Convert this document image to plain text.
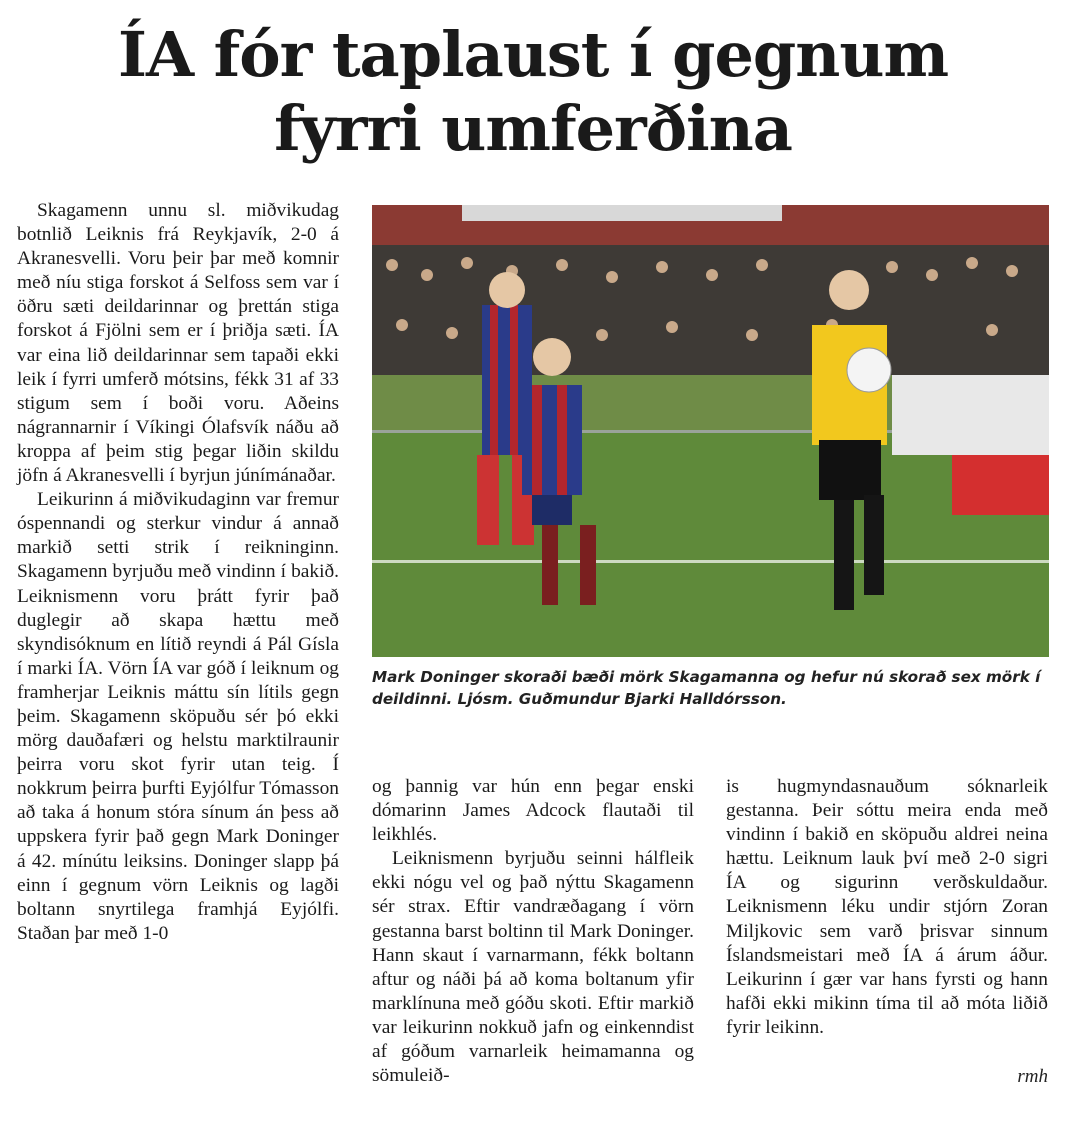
ÍA fór taplaust í gegnum
fyrri umferðina

Skagamenn unnu sl. miðvikudag botnlið Leiknis frá Reykjavík, 2-0 á Akranesvelli. Voru þeir þar með komnir með níu stiga forskot á Selfoss sem var í öðru sæti deildarinnar og þrettán stiga forskot á Fjölni sem er í þriðja sæti. ÍA var eina lið deildarinnar sem tapaði ekki leik í fyrri umferð mótsins, fékk 31 af 33 stigum sem í boði voru. Aðeins nágrannarnir í Víkingi Ólafsvík náðu að kroppa af þeim stig þegar liðin skildu jöfn á Akranesvelli í byrjun júnímánaðar.

Leikurinn á miðvikudaginn var fremur óspennandi og sterkur vindur á annað markið setti strik í reikninginn. Skagamenn byrjuðu með vindinn í bakið. Leiknismenn voru þrátt fyrir það duglegir að skapa hættu með skyndisóknum en lítið reyndi á Pál Gísla í marki ÍA. Vörn ÍA var góð í leiknum og framherjar Leiknis máttu sín lítils gegn þeim. Skagamenn sköpuðu sér þó ekki mörg dauðafæri og helstu marktilraunir þeirra voru skot fyrir utan teig. Í nokkrum þeirra þurfti Eyjólfur Tómasson að taka á honum stóra sínum án þess að uppskera fyrir það gegn Mark Doninger á 42. mínútu leiksins. Doninger slapp þá einn í gegnum vörn Leiknis og lagði boltann snyrtilega framhjá Eyjólfi. Staðan þar með 1-0

Mark Doninger skoraði bæði mörk Skagamanna og hefur nú skorað sex mörk í deildinni. Ljósm. Guðmundur Bjarki Halldórsson.

og þannig var hún enn þegar enski dómarinn James Adcock flautaði til leikhlés.

Leiknismenn byrjuðu seinni hálfleik ekki nógu vel og það nýttu Skagamenn sér strax. Eftir vandræðagang í vörn gestanna barst boltinn til Mark Doninger. Hann skaut í varnarmann, fékk boltann aftur og náði þá að koma boltanum yfir marklínuna með góðu skoti. Eftir markið var leikurinn nokkuð jafn og einkenndist af góðum varnarleik heimamanna og sömuleið-

is hugmyndasnauðum sóknarleik gestanna. Þeir sóttu meira enda með vindinn í bakið en sköpuðu aldrei neina hættu. Leiknum lauk því með 2-0 sigri ÍA og sigurinn verðskuldaður. Leiknismenn léku undir stjórn Zoran Miljkovic sem varð þrisvar sinnum Íslandsmeistari með ÍA á árum áður. Leikurinn í gær var hans fyrsti og hann hafði ekki mikinn tíma til að móta liðið fyrir leikinn.

rmh
